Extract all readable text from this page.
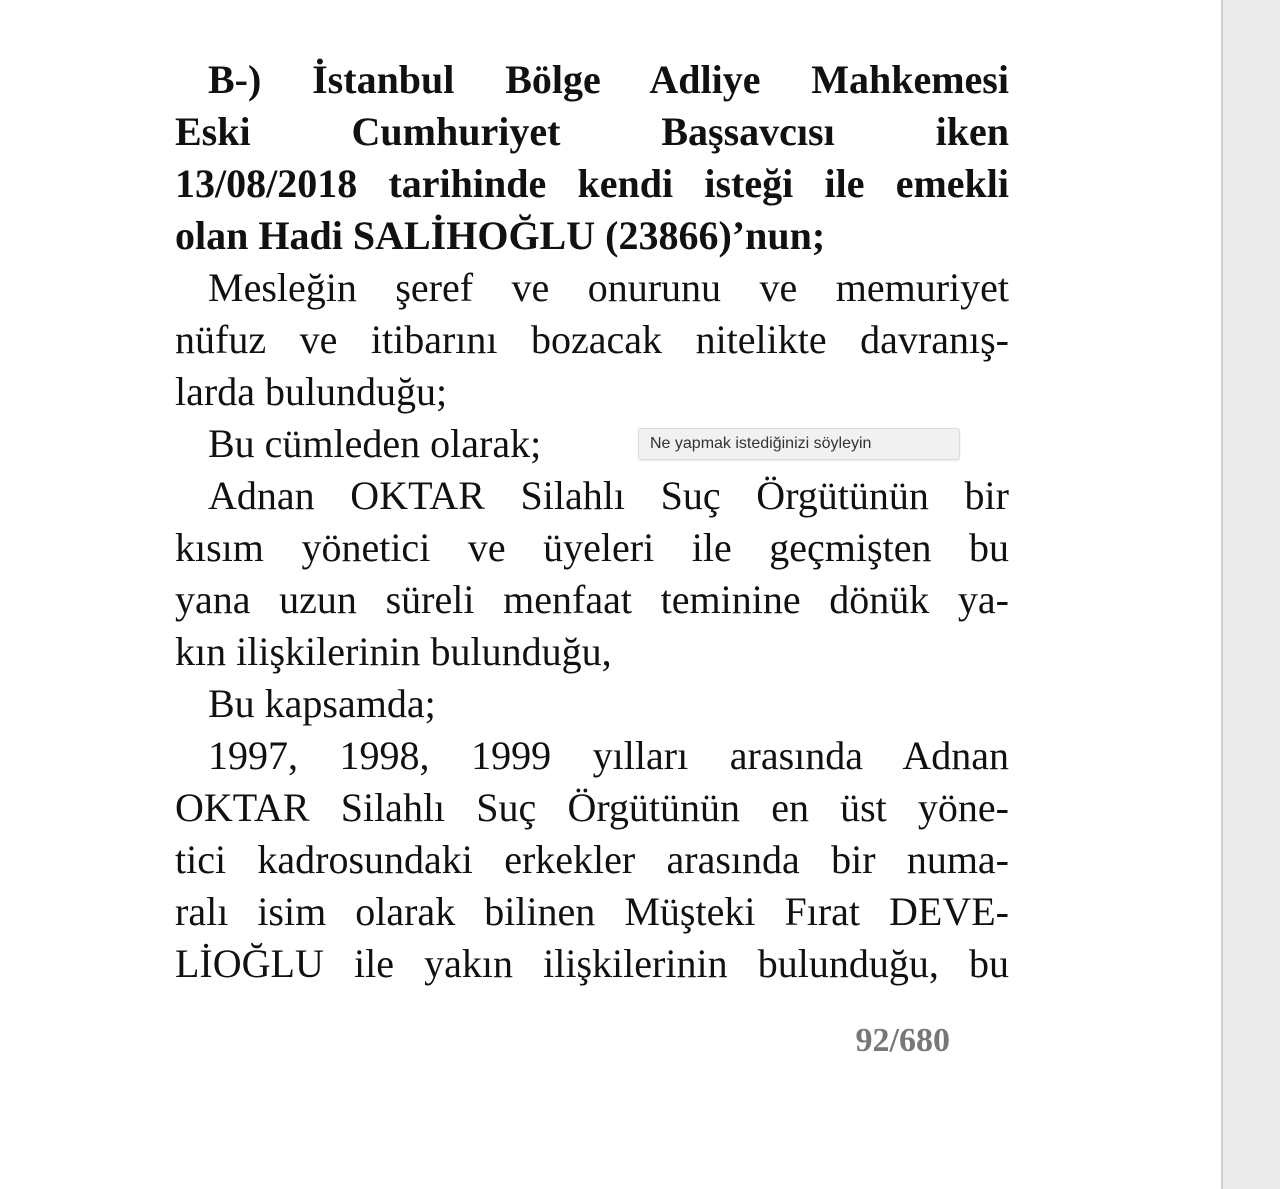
B-) İstanbul Bölge Adliye Mahkemesi
Eski Cumhuriyet Başsavcısı iken
13/08/2018 tarihinde kendi isteği ile emekli
olan Hadi SALİHOĞLU (23866)’nun;
Mesleğin şeref ve onurunu ve memuriyet
nüfuz ve itibarını bozacak nitelikte davranış-
larda bulunduğu;
Bu cümleden olarak;
Adnan OKTAR Silahlı Suç Örgütünün bir
kısım yönetici ve üyeleri ile geçmişten bu
yana uzun süreli menfaat teminine dönük ya-
kın ilişkilerinin bulunduğu,
Bu kapsamda;
1997, 1998, 1999 yılları arasında Adnan
OKTAR Silahlı Suç Örgütünün en üst yöne-
tici kadrosundaki erkekler arasında bir numa-
ralı isim olarak bilinen Müşteki Fırat DEVE-
LİOĞLU ile yakın ilişkilerinin bulunduğu, bu
92/680
Ne yapmak istediğinizi söyleyin
